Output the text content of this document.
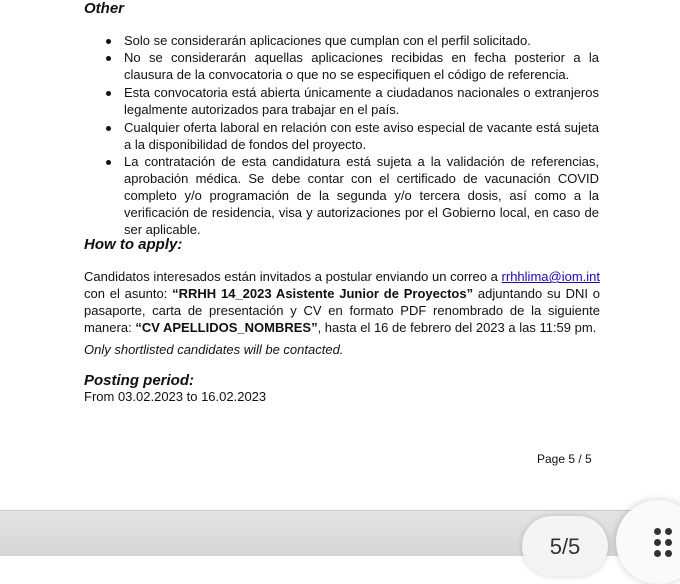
Other
Solo se considerarán aplicaciones que cumplan con el perfil solicitado.
No se considerarán aquellas aplicaciones recibidas en fecha posterior a la clausura de la convocatoria o que no se especifiquen el código de referencia.
Esta convocatoria está abierta únicamente a ciudadanos nacionales o extranjeros legalmente autorizados para trabajar en el país.
Cualquier oferta laboral en relación con este aviso especial de vacante está sujeta a la disponibilidad de fondos del proyecto.
La contratación de esta candidatura está sujeta a la validación de referencias, aprobación médica. Se debe contar con el certificado de vacunación COVID completo y/o programación de la segunda y/o tercera dosis, así como a la verificación de residencia, visa y autorizaciones por el Gobierno local, en caso de ser aplicable.
How to apply:

Candidatos interesados están invitados a postular enviando un correo a rrhhlima@iom.int con el asunto: “RRHH 14_2023 Asistente Junior de Proyectos” adjuntando su DNI o pasaporte, carta de presentación y CV en formato PDF renombrado de la siguiente manera: “CV APELLIDOS_NOMBRES”, hasta el 16 de febrero del 2023 a las 11:59 pm.

Only shortlisted candidates will be contacted.

Posting period:

From 03.02.2023 to 16.02.2023

Page 5 / 5
5/5
